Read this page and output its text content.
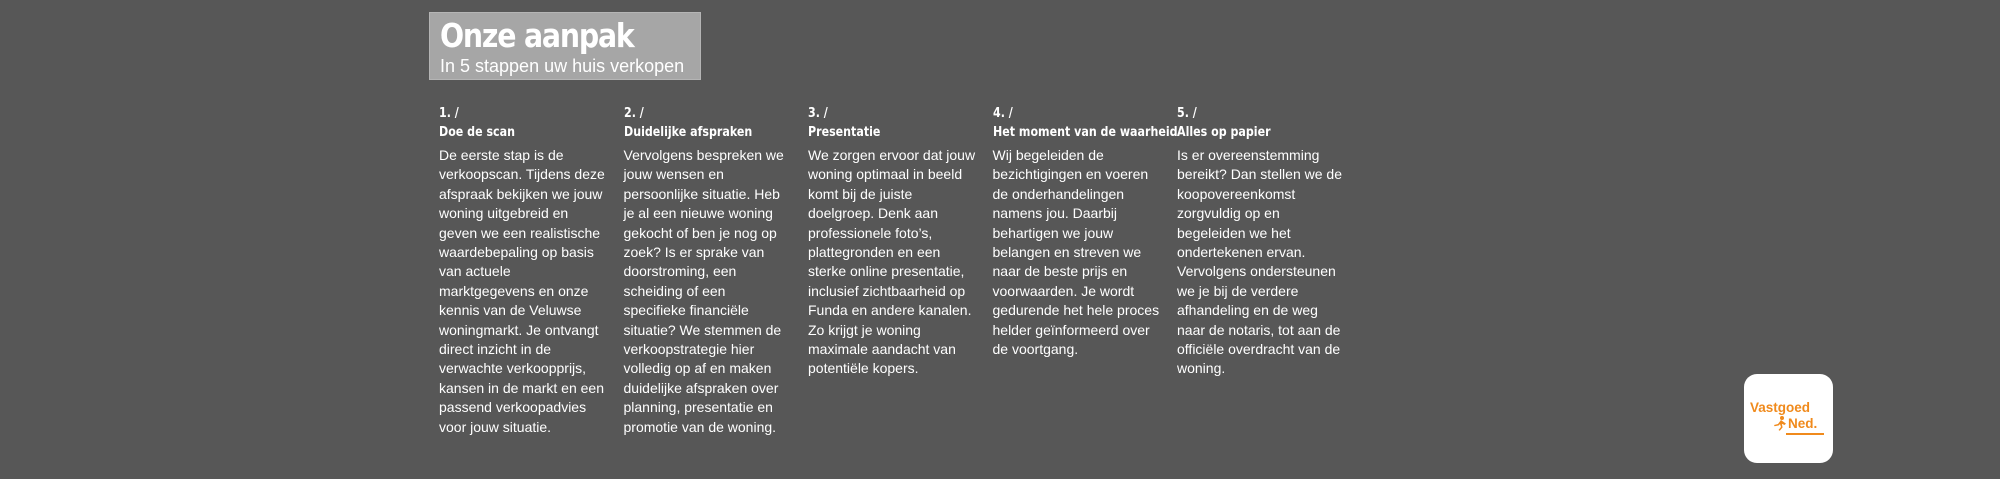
Onze aanpak
In 5 stappen uw huis verkopen
1. /
Doe de scan
De eerste stap is de verkoopscan. Tijdens deze afspraak bekijken we jouw woning uitgebreid en geven we een realistische waardebepaling op basis van actuele marktgegevens en onze kennis van de Veluwse woningmarkt. Je ontvangt direct inzicht in de verwachte verkoopprijs, kansen in de markt en een passend verkoopadvies voor jouw situatie.
2. /
Duidelijke afspraken
Vervolgens bespreken we jouw wensen en persoonlijke situatie. Heb je al een nieuwe woning gekocht of ben je nog op zoek? Is er sprake van doorstroming, een scheiding of een specifieke financiële situatie? We stemmen de verkoopstrategie hier volledig op af en maken duidelijke afspraken over planning, presentatie en promotie van de woning.
3. /
Presentatie
We zorgen ervoor dat jouw woning optimaal in beeld komt bij de juiste doelgroep. Denk aan professionele foto’s, plattegronden en een sterke online presentatie, inclusief zichtbaarheid op Funda en andere kanalen. Zo krijgt je woning maximale aandacht van potentiële kopers.
4. /
Het moment van de waarheid
Wij begeleiden de bezichtigingen en voeren de onderhandelingen namens jou. Daarbij behartigen we jouw belangen en streven we naar de beste prijs en voorwaarden. Je wordt gedurende het hele proces helder geïnformeerd over de voortgang.
5. /
Alles op papier
Is er overeenstemming bereikt? Dan stellen we de koopovereenkomst zorgvuldig op en begeleiden we het ondertekenen ervan. Vervolgens ondersteunen we je bij de verdere afhandeling en de weg naar de notaris, tot aan de officiële overdracht van de woning.
Vastgoed
Ned.
